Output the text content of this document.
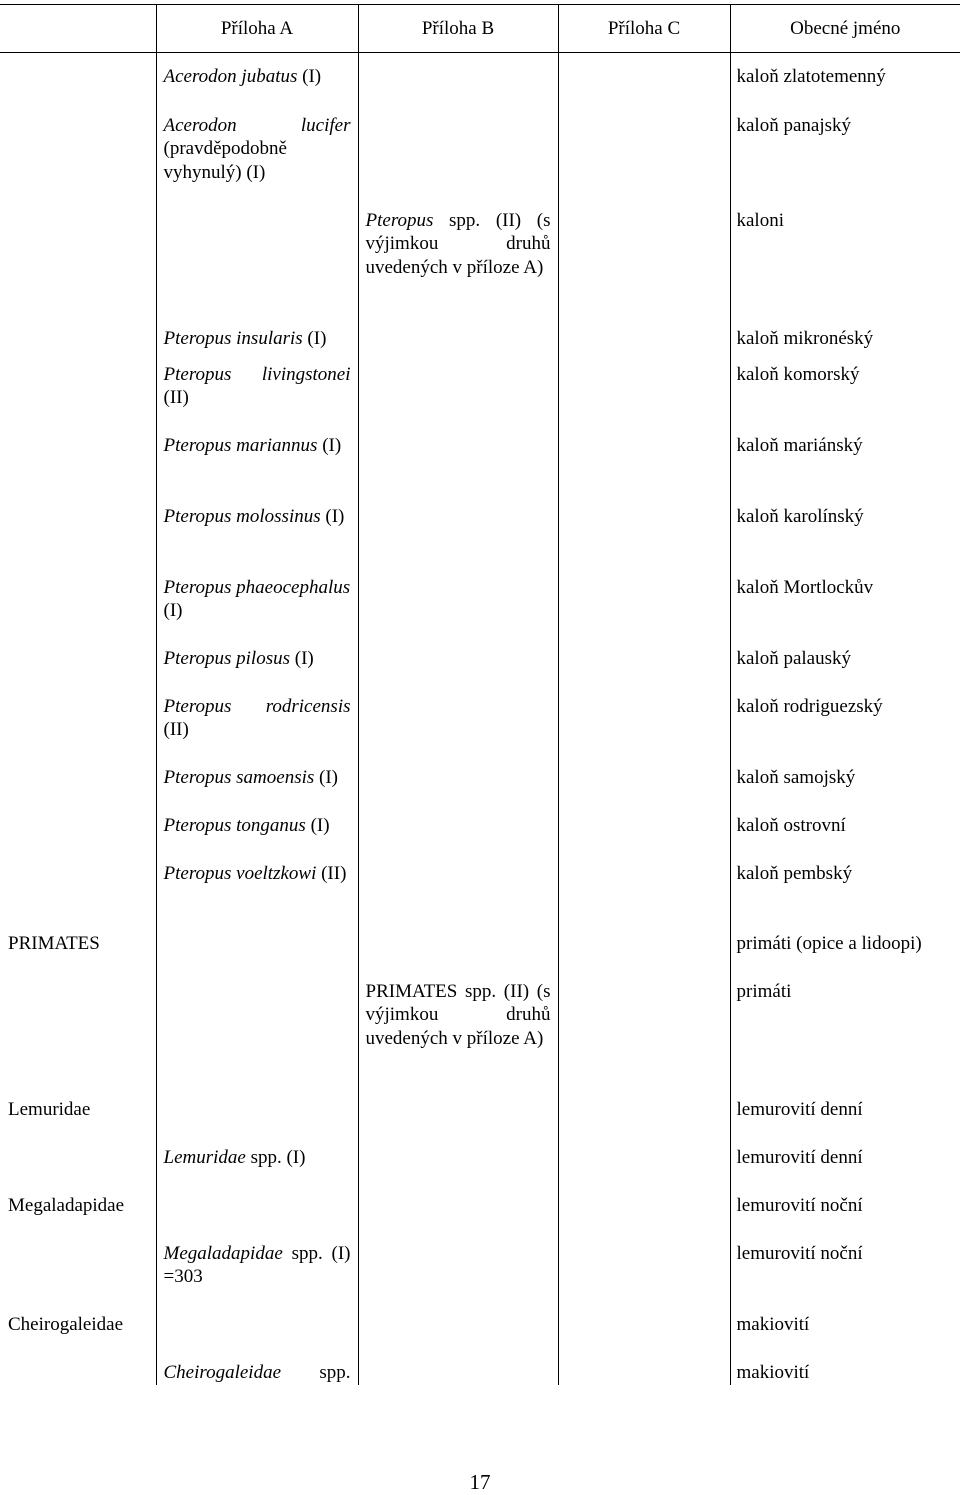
	Příloha A	Příloha B	Příloha C	Obecné jméno
	Acerodon jubatus (I)			kaloň zlatotemenný
	Acerodon lucifer (pravděpodobně vyhynulý) (I)			kaloň panajský
		Pteropus spp. (II) (s výjimkou druhů uvedených v příloze A)		kaloni
	Pteropus insularis (I)			kaloň mikronéský
	Pteropus livingstonei (II)			kaloň komorský
	Pteropus mariannus (I)			kaloň mariánský
	Pteropus molossinus (I)			kaloň karolínský
	Pteropus phaeocephalus (I)			kaloň Mortlockův
	Pteropus pilosus (I)			kaloň palauský
	Pteropus rodricensis (II)			kaloň rodriguezský
	Pteropus samoensis (I)			kaloň samojský
	Pteropus tonganus (I)			kaloň ostrovní
	Pteropus voeltzkowi (II)			kaloň pembský
PRIMATES				primáti (opice a lidoopi)
		PRIMATES spp. (II) (s výjimkou druhů uvedených v příloze A)		primáti
Lemuridae				lemurovití denní
	Lemuridae spp. (I)			lemurovití denní
Megaladapidae				lemurovití noční
	Megaladapidae spp. (I) =303			lemurovití noční
Cheirogaleidae				makiovití
	Cheirogaleidae spp.			makiovití
17
